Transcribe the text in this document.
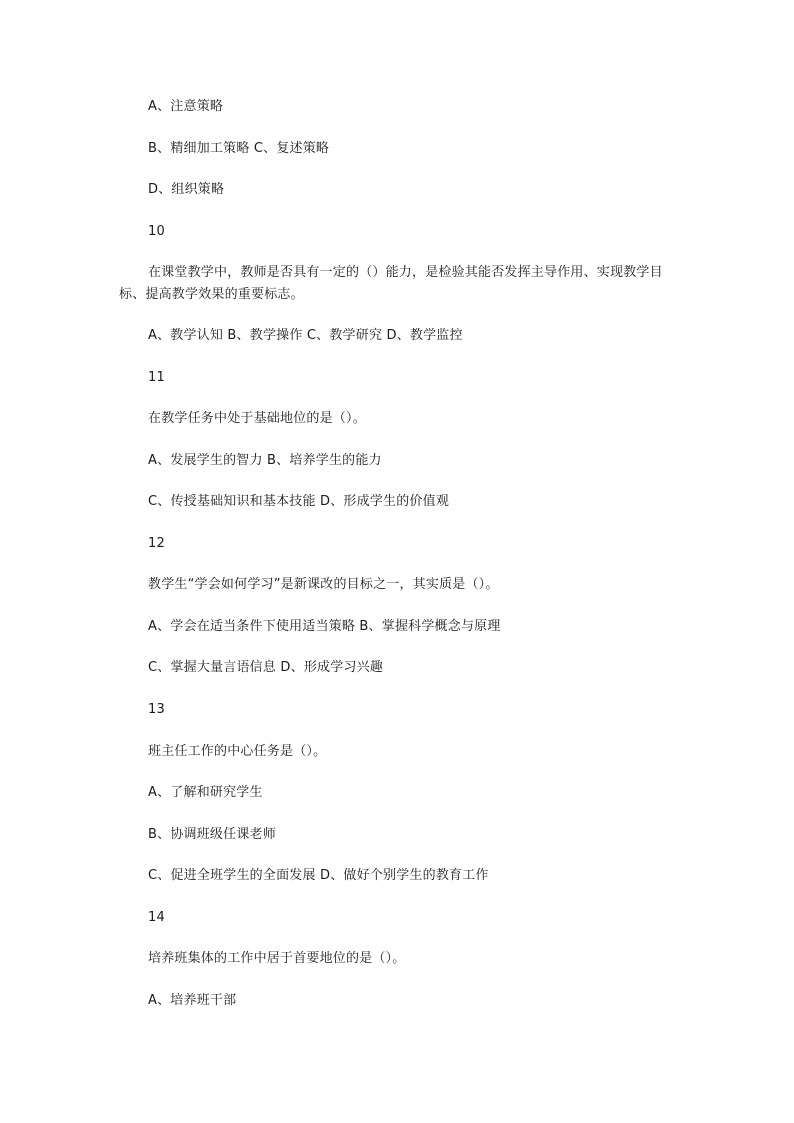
A、注意策略
B、精细加工策略 C、复述策略
D、组织策略
10
在课堂教学中，教师是否具有一定的（）能力，是检验其能否发挥主导作用、实现教学目标、提高教学效果的重要标志。
A、教学认知 B、教学操作 C、教学研究 D、教学监控
11
在教学任务中处于基础地位的是（）。
A、发展学生的智力 B、培养学生的能力
C、传授基础知识和基本技能 D、形成学生的价值观
12
教学生“学会如何学习”是新课改的目标之一，其实质是（）。
A、学会在适当条件下使用适当策略 B、掌握科学概念与原理
C、掌握大量言语信息 D、形成学习兴趣
13
班主任工作的中心任务是（）。
A、了解和研究学生
B、协调班级任课老师
C、促进全班学生的全面发展 D、做好个别学生的教育工作
14
培养班集体的工作中居于首要地位的是（）。
A、培养班干部
